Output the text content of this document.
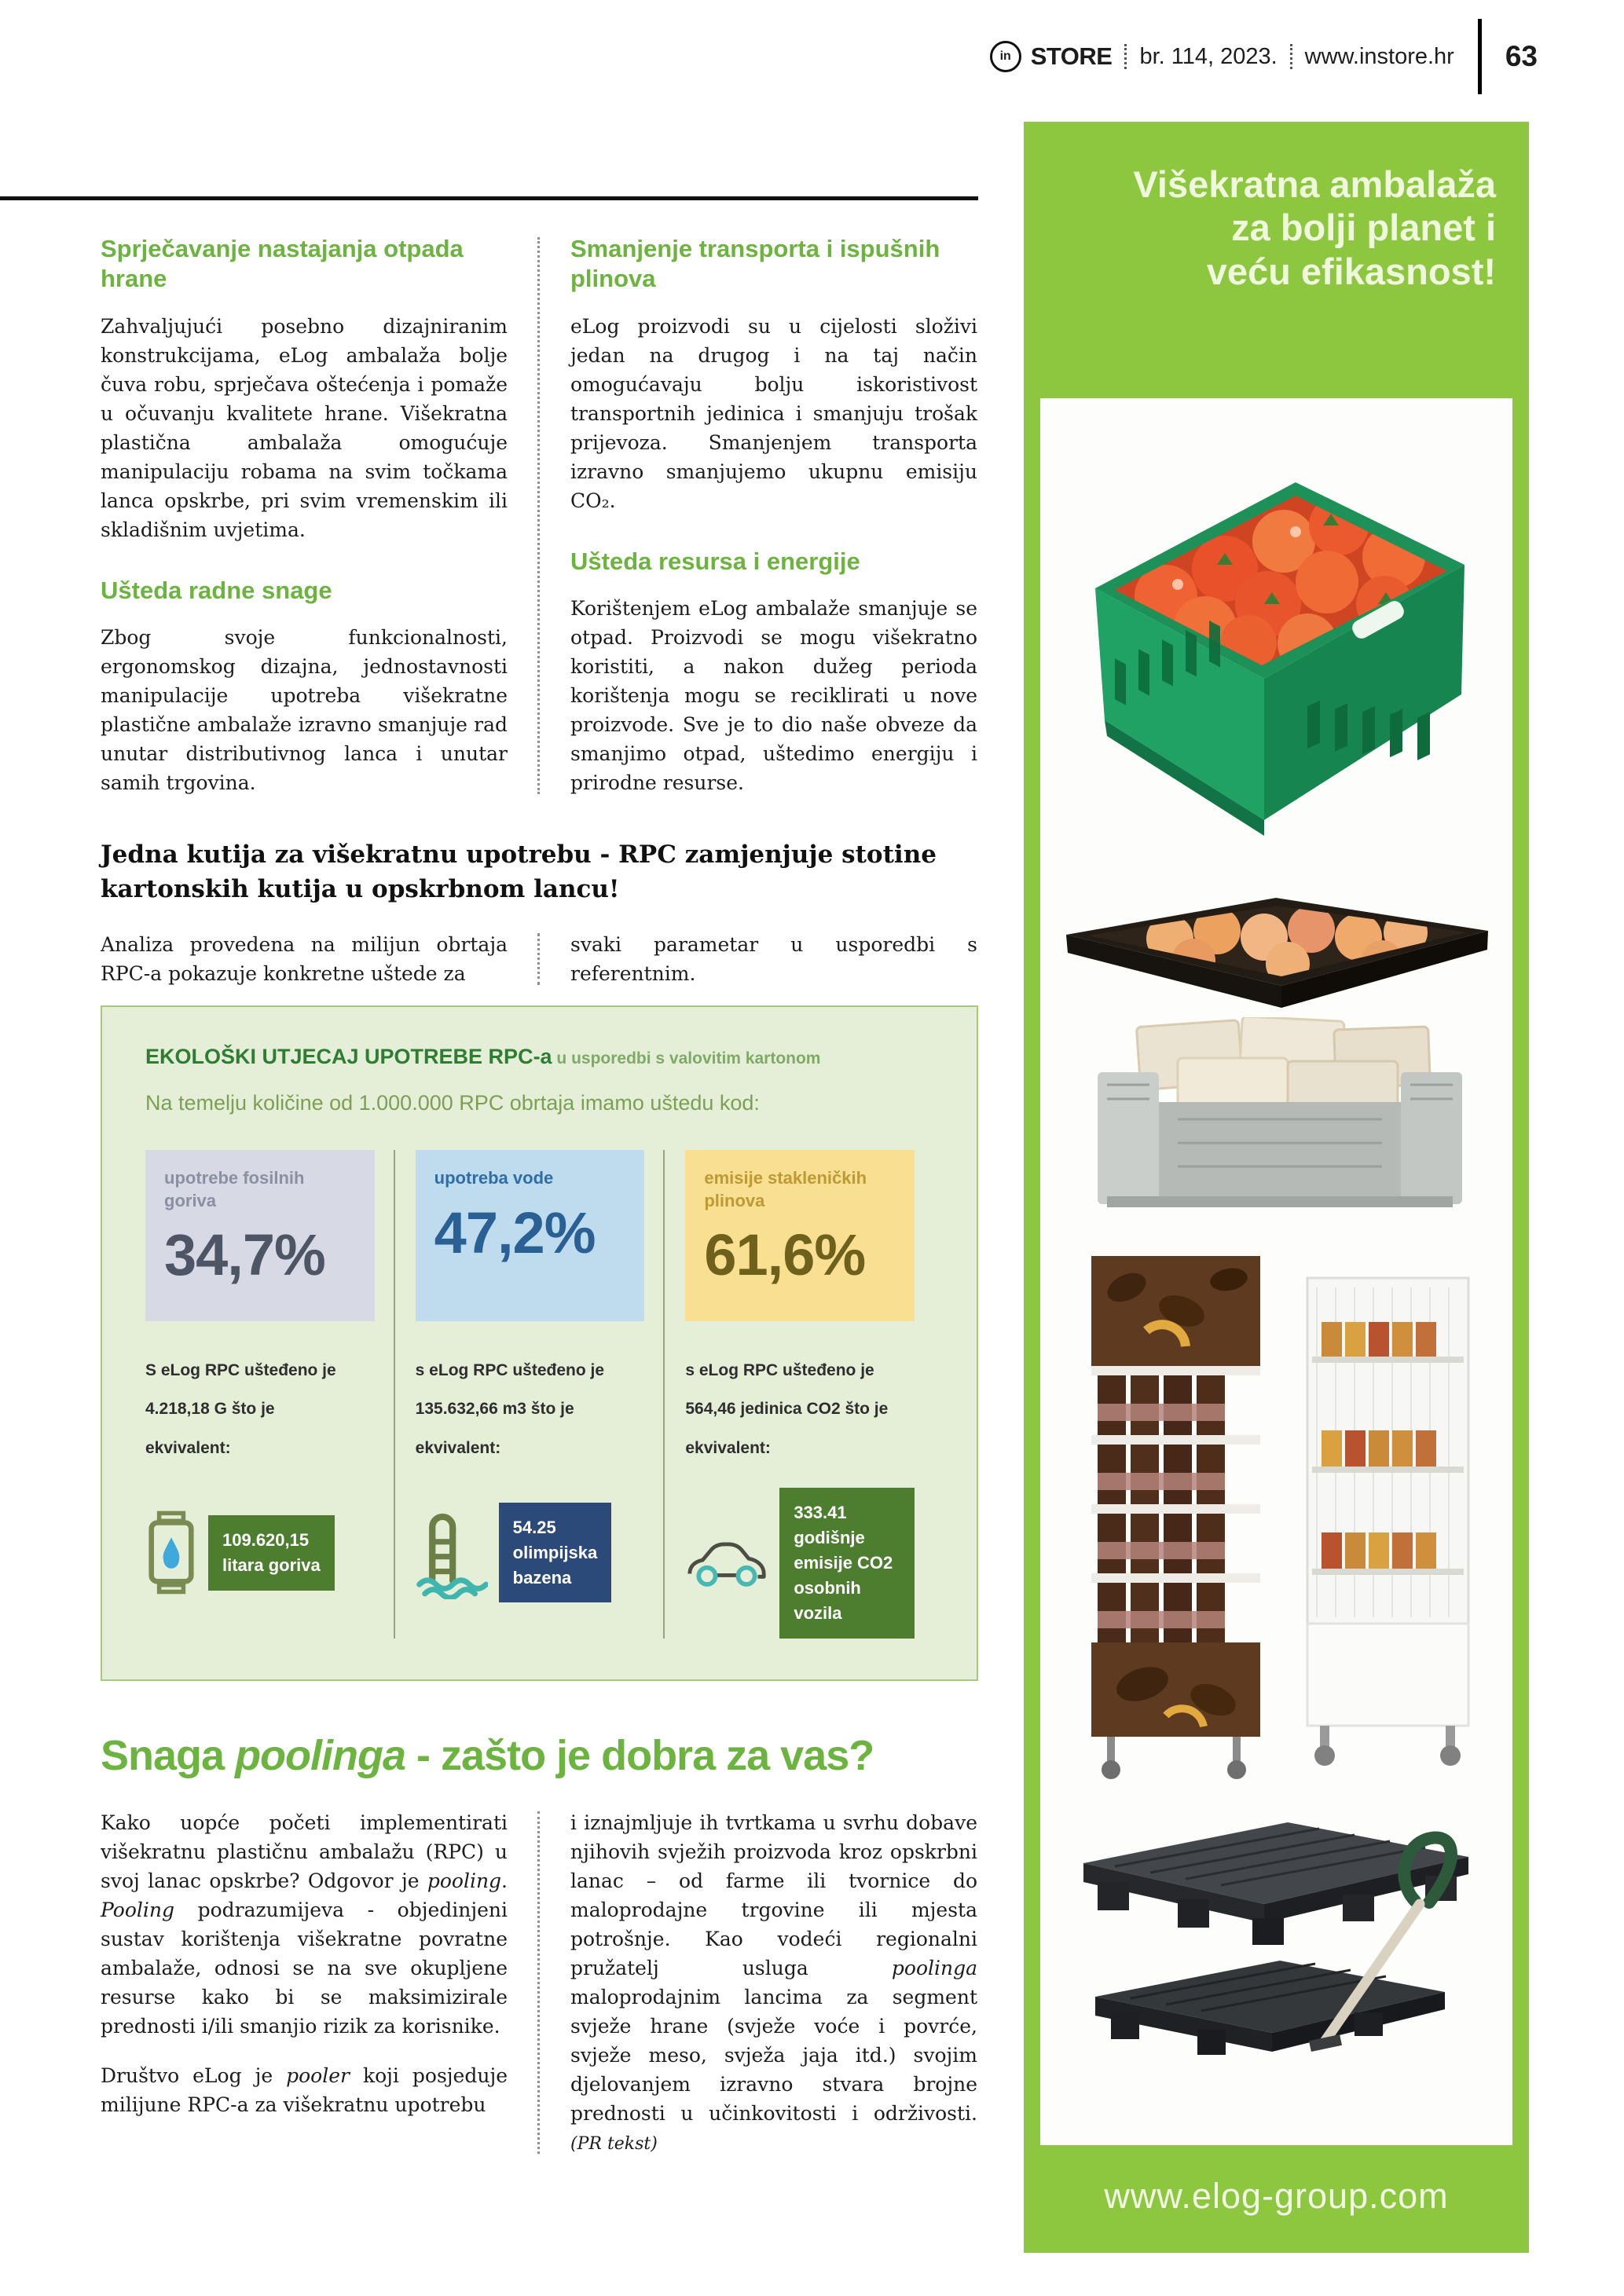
in STORE br. 114, 2023. www.instore.hr 63
Sprječavanje nastajanja otpada hrane

Zahvaljujući posebno dizajniranim konstrukcijama, eLog ambalaža bolje čuva robu, sprječava oštećenja i pomaže u očuvanju kvalitete hrane. Višekratna plastična ambalaža omogućuje manipulaciju robama na svim točkama lanca opskrbe, pri svim vremenskim ili skladišnim uvjetima.

Ušteda radne snage

Zbog svoje funkcionalnosti, ergonomskog dizajna, jednostavnosti manipulacije upotreba višekratne plastične ambalaže izravno smanjuje rad unutar distributivnog lanca i unutar samih trgovina.

Smanjenje transporta i ispušnih plinova

eLog proizvodi su u cijelosti složivi jedan na drugog i na taj način omogućavaju bolju iskoristivost transportnih jedinica i smanjuju trošak prijevoza. Smanjenjem transporta izravno smanjujemo ukupnu emisiju CO₂.

Ušteda resursa i energije

Korištenjem eLog ambalaže smanjuje se otpad. Proizvodi se mogu višekratno koristiti, a nakon dužeg perioda korištenja mogu se reciklirati u nove proizvode. Sve je to dio naše obveze da smanjimo otpad, uštedimo energiju i prirodne resurse.

Jedna kutija za višekratnu upotrebu - RPC zamjenjuje stotine kartonskih kutija u opskrbnom lancu!

Analiza provedena na milijun obrtaja RPC-a pokazuje konkretne uštede za

svaki parametar u usporedbi s referentnim.

EKOLOŠKI UTJECAJ UPOTREBE RPC-a u usporedbi s valovitim kartonom
Na temelju količine od 1.000.000 RPC obrtaja imamo uštedu kod:
upotrebe fosilnih goriva
34,7%
S eLog RPC ušteđeno je
4.218,18 G što je
ekvivalent:
109.620,15
litara goriva
upotreba vode
47,2%
s eLog RPC ušteđeno je
135.632,66 m3 što je
ekvivalent:
54.25
olimpijska
bazena
emisije stakleničkih plinova
61,6%
s eLog RPC ušteđeno je
564,46 jedinica CO2 što je
ekvivalent:
333.41 godišnje
emisije CO2
osobnih vozila
Snaga poolinga - zašto je dobra za vas?

Kako uopće početi implementirati višekratnu plastičnu ambalažu (RPC) u svoj lanac opskrbe? Odgovor je pooling. Pooling podrazumijeva - objedinjeni sustav korištenja višekratne povratne ambalaže, odnosi se na sve okupljene resurse kako bi se maksimizirale prednosti i/ili smanjio rizik za korisnike.

Društvo eLog je pooler koji posjeduje milijune RPC-a za višekratnu upotrebu

i iznajmljuje ih tvrtkama u svrhu dobave njihovih svježih proizvoda kroz opskrbni lanac – od farme ili tvornice do maloprodajne trgovine ili mjesta potrošnje. Kao vodeći regionalni pružatelj usluga poolinga maloprodajnim lancima za segment svježe hrane (svježe voće i povrće, svježe meso, svježa jaja itd.) svojim djelovanjem izravno stvara brojne prednosti u učinkovitosti i održivosti. (PR tekst)

Višekratna ambalaža
za bolji planet i
veću efikasnost!
www.elog-group.com
